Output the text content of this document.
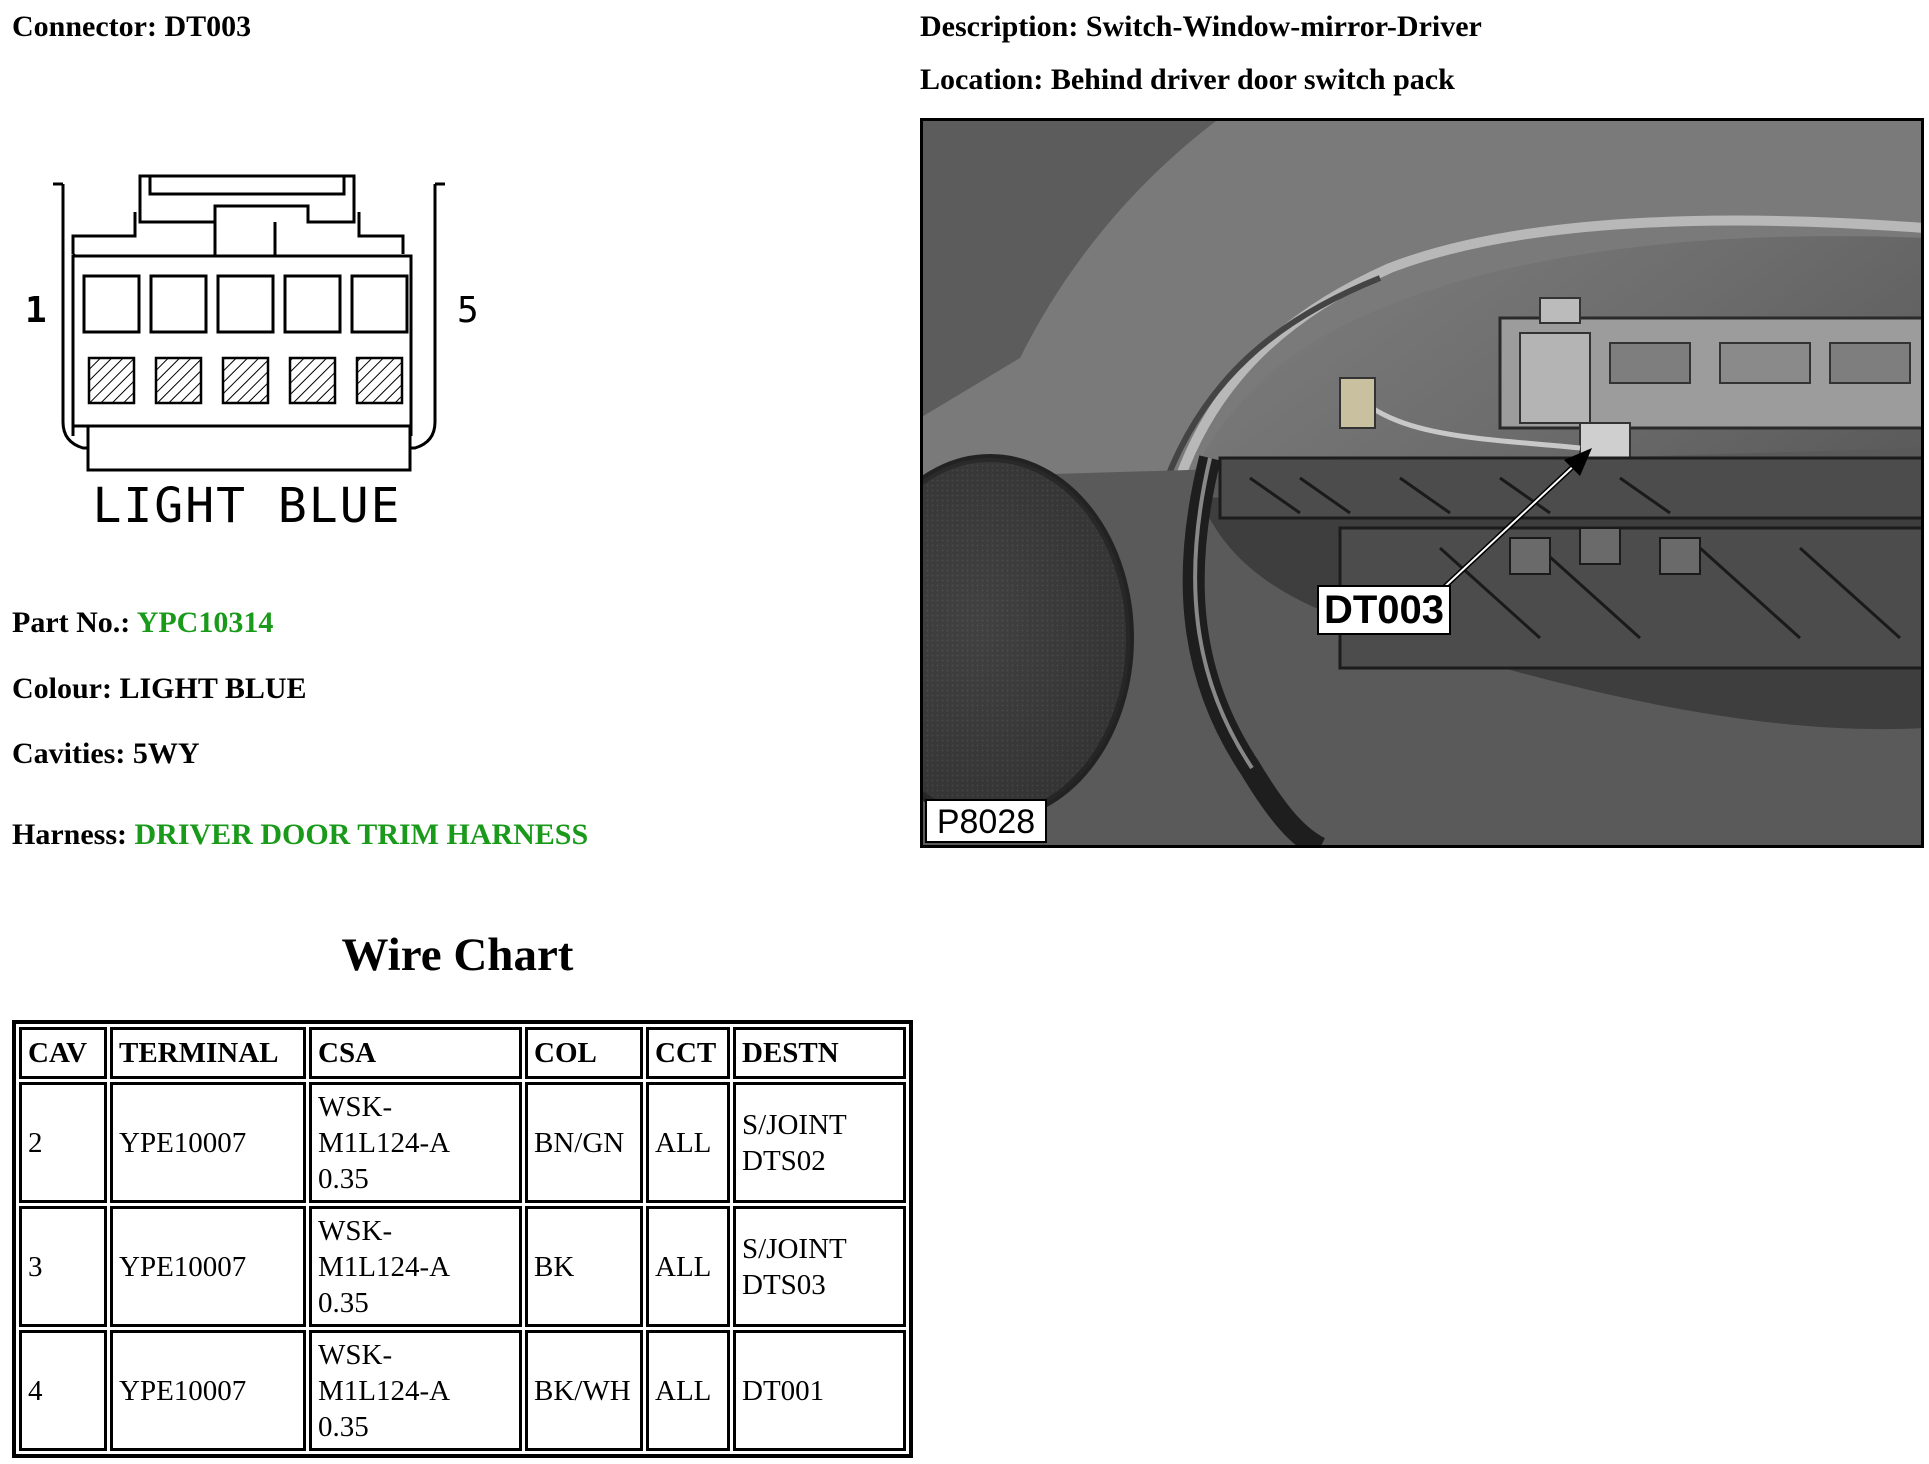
Connector: DT003	Description: Switch-Window-mirror-Driver
Location: Behind driver door switch pack
1	5
LIGHT BLUE
DT003
P8028
Part No.: YPC10314
Colour: LIGHT BLUE
Cavities: 5WY
Harness: DRIVER DOOR TRIM HARNESS
Wire Chart
CAV	TERMINAL	CSA	COL	CCT	DESTN
2	YPE10007	WSK-
M1L124-A
0.35	BN/GN	ALL	S/JOINT
DTS02
3	YPE10007	WSK-
M1L124-A
0.35	BK	ALL	S/JOINT
DTS03
4	YPE10007	WSK-
M1L124-A
0.35	BK/WH	ALL	DT001
